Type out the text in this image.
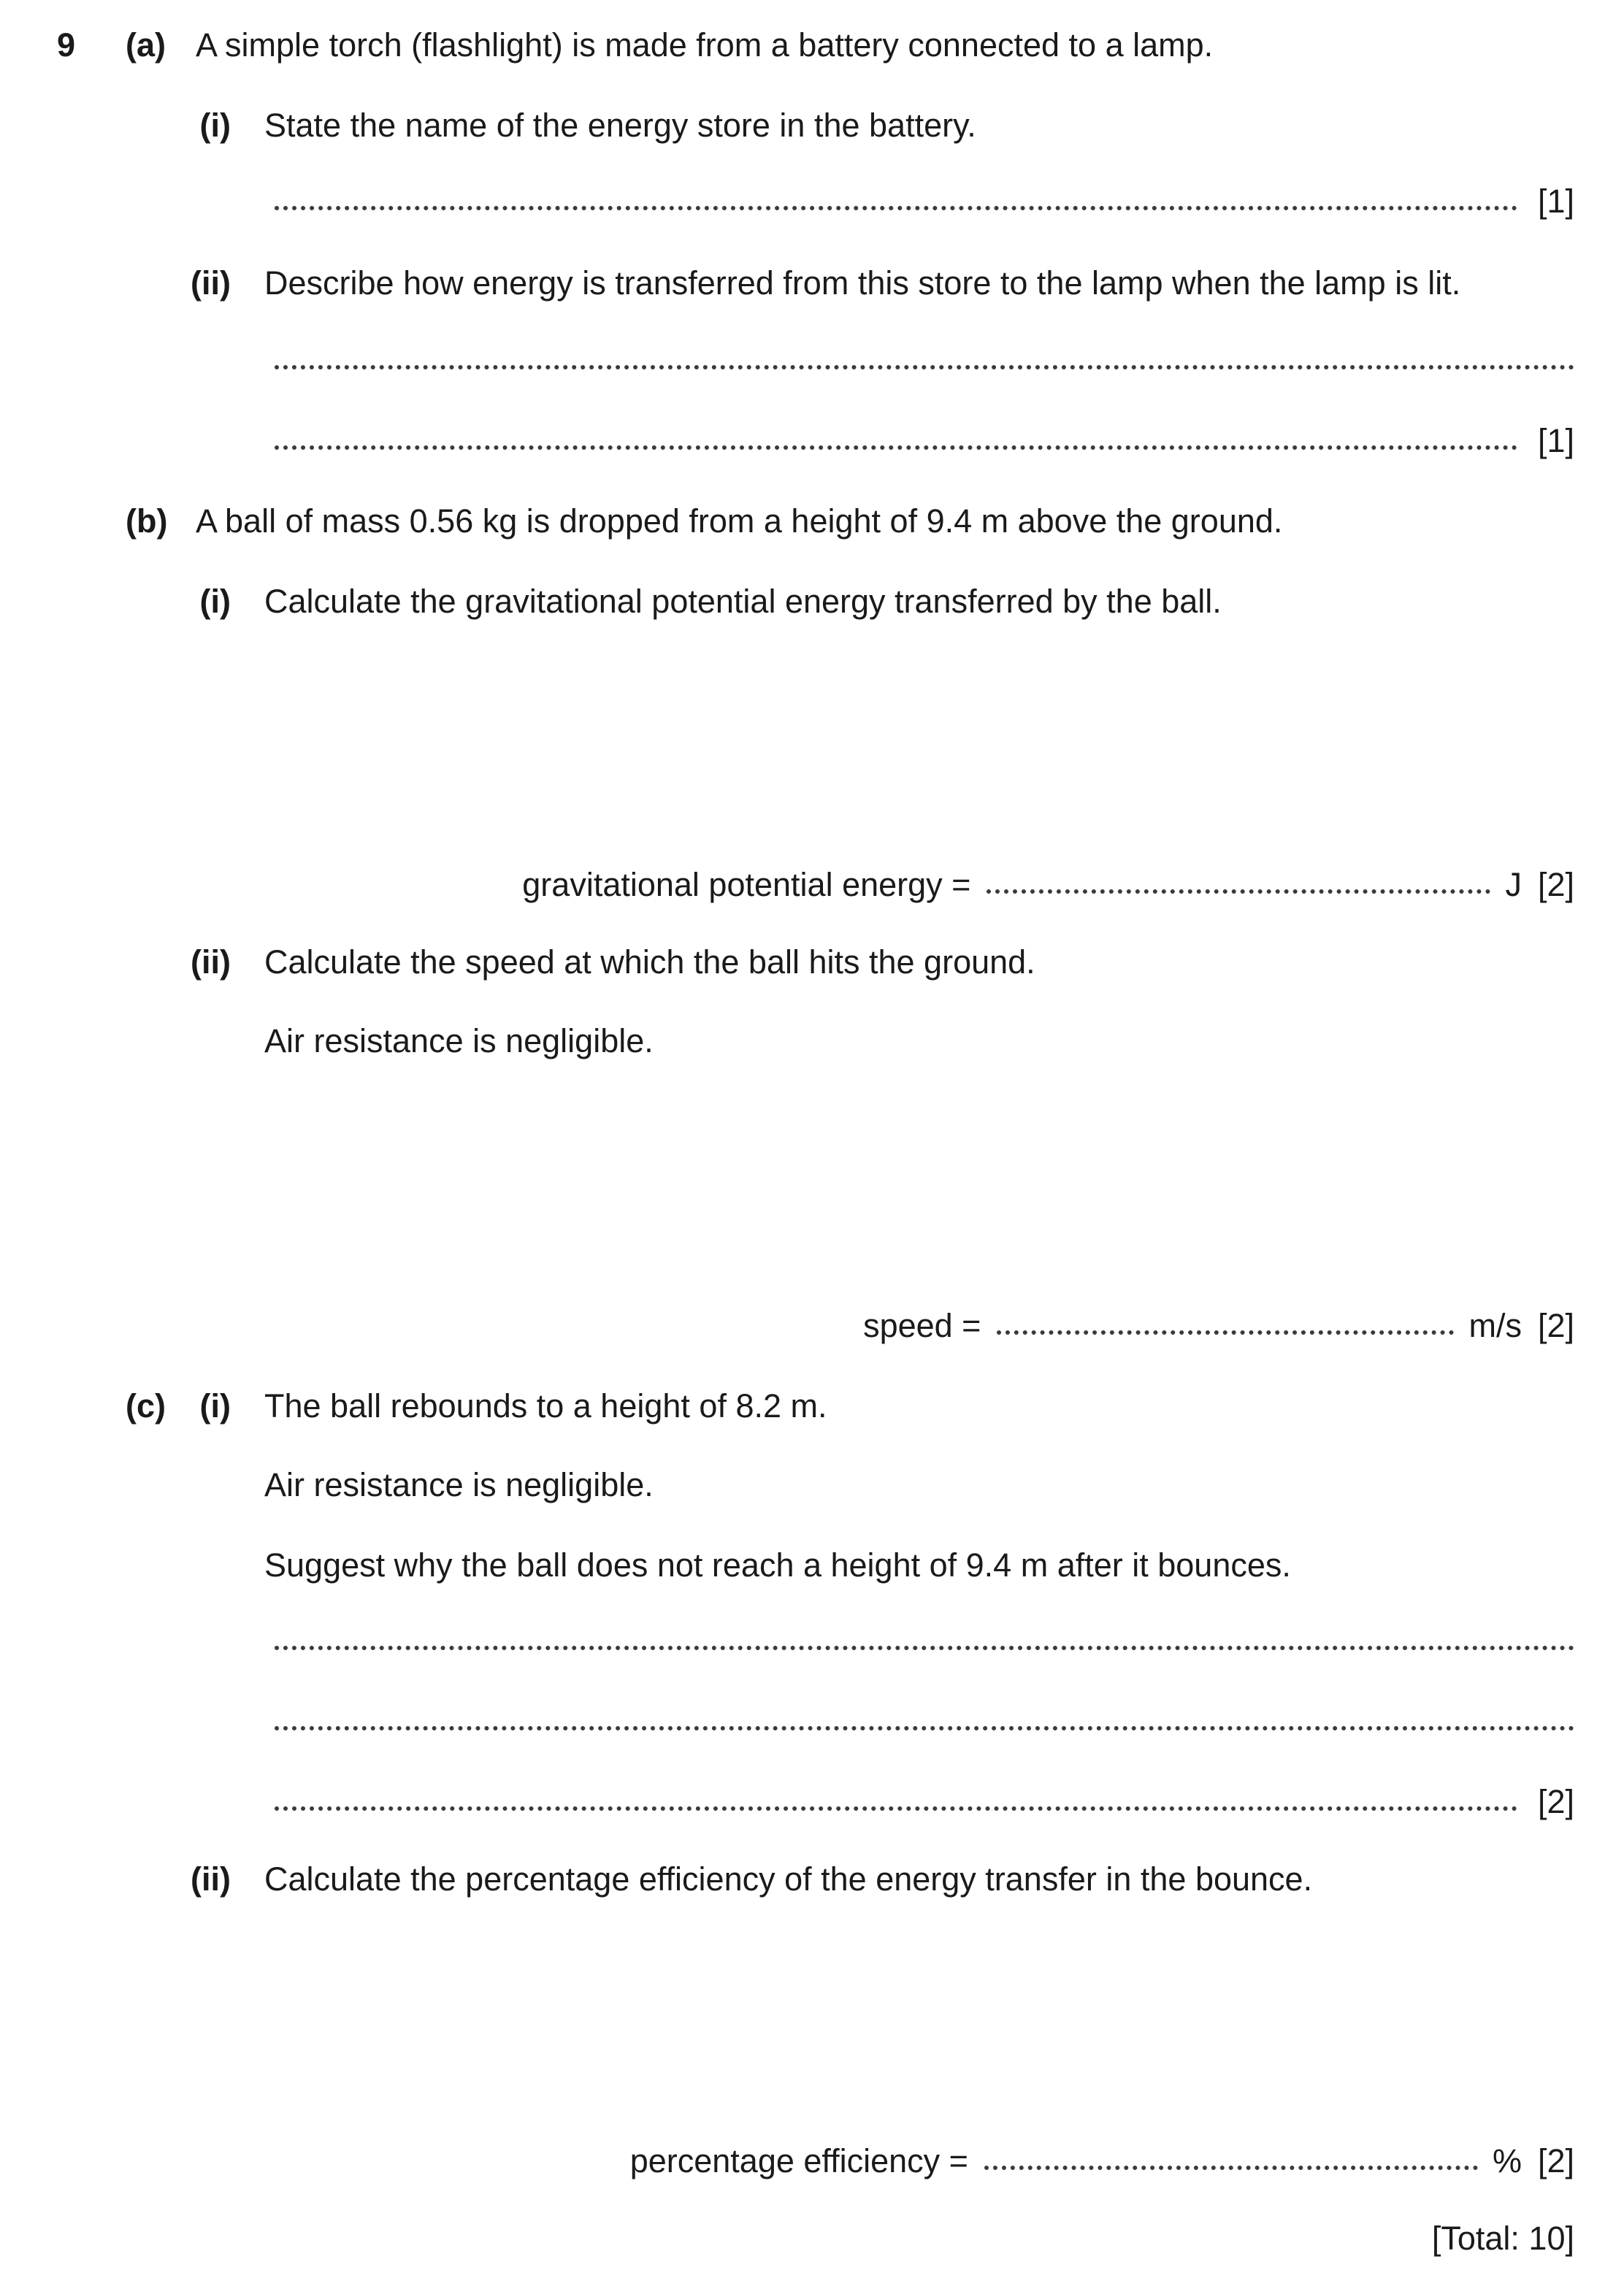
9 (a) A simple torch (flashlight) is made from a battery connected to a lamp.
(i) State the name of the energy store in the battery.
[1]
(ii) Describe how energy is transferred from this store to the lamp when the lamp is lit.
[1]
(b) A ball of mass 0.56 kg is dropped from a height of 9.4 m above the ground.
(i) Calculate the gravitational potential energy transferred by the ball.
gravitational potential energy =	J [2]
(ii) Calculate the speed at which the ball hits the ground.
Air resistance is negligible.
speed =	m/s [2]
(c)	(i) The ball rebounds to a height of 8.2 m.
Air resistance is negligible.
Suggest why the ball does not reach a height of 9.4 m after it bounces.
[2]
(ii) Calculate the percentage efficiency of the energy transfer in the bounce.
percentage efficiency =	% [2]
[Total: 10]
